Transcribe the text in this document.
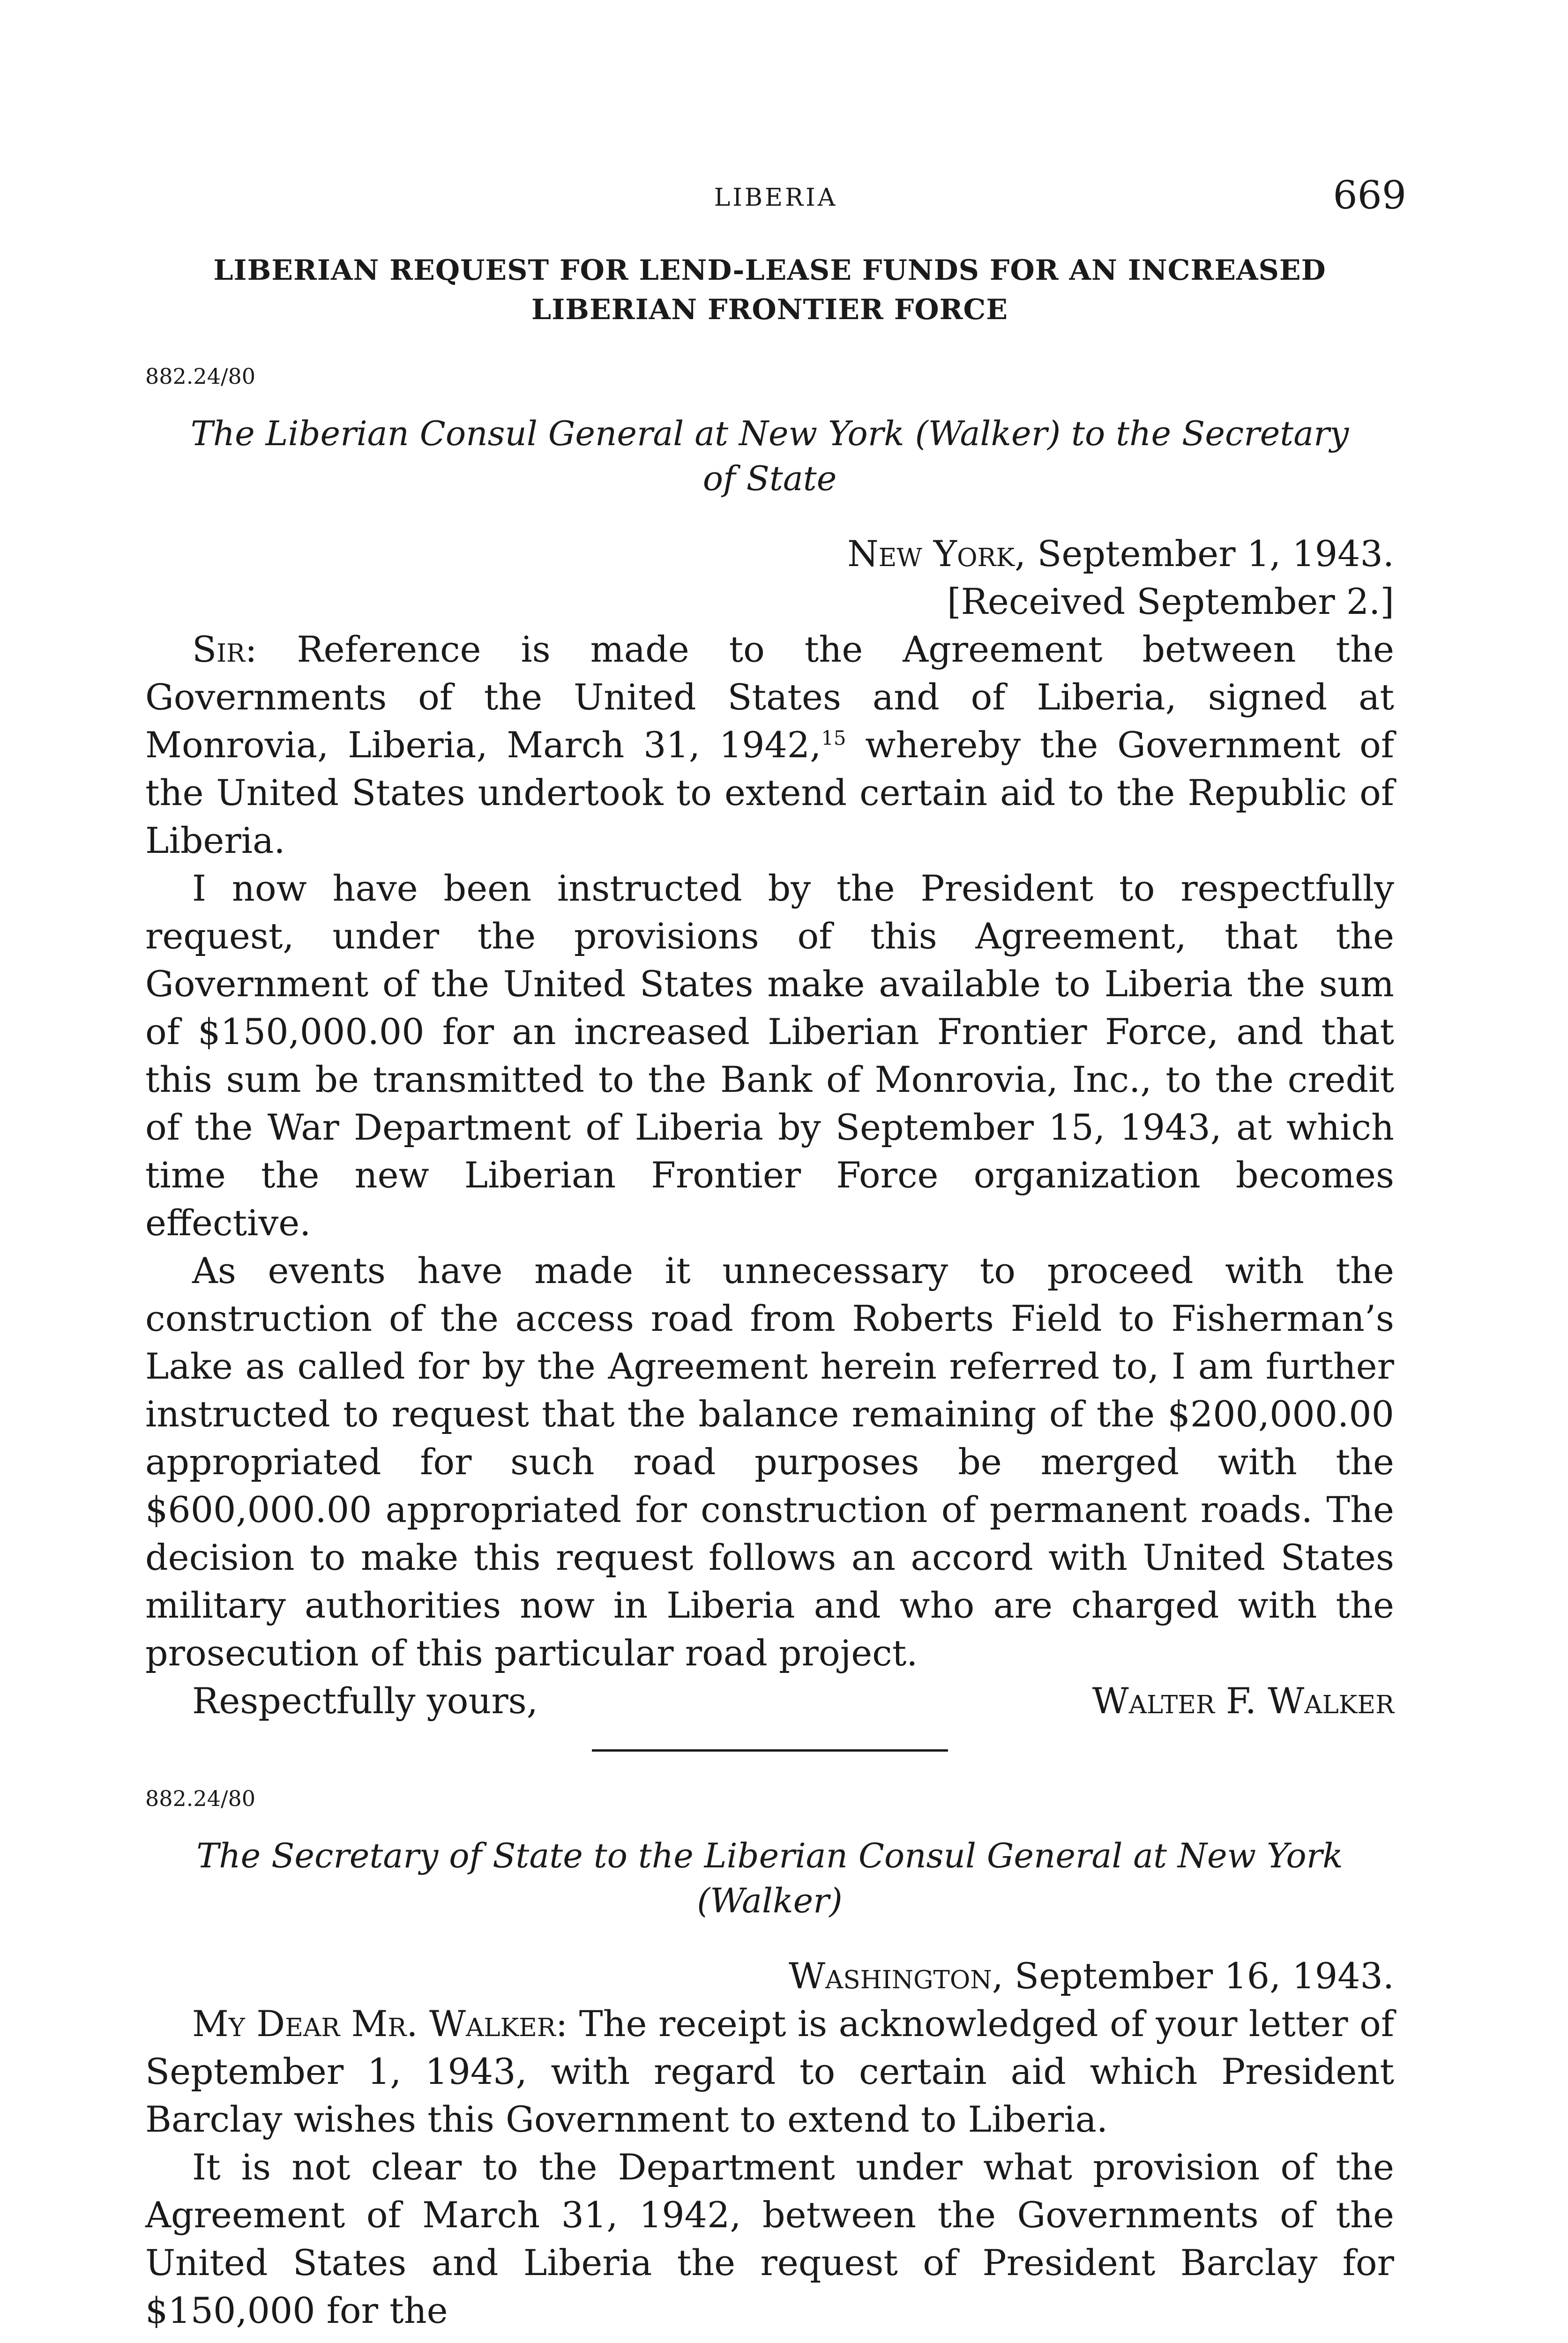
LIBERIA	669
LIBERIAN REQUEST FOR LEND-LEASE FUNDS FOR AN INCREASED
LIBERIAN FRONTIER FORCE
882.24/80
The Liberian Consul General at New York (Walker) to the Secretary
of State
New York, September 1, 1943.
[Received September 2.]

Sir: Reference is made to the Agreement between the Governments of the United States and of Liberia, signed at Monrovia, Liberia, March 31, 1942,15 whereby the Government of the United States undertook to extend certain aid to the Republic of Liberia.

I now have been instructed by the President to respectfully request, under the provisions of this Agreement, that the Government of the United States make available to Liberia the sum of $150,000.00 for an increased Liberian Frontier Force, and that this sum be transmitted to the Bank of Monrovia, Inc., to the credit of the War Department of Liberia by September 15, 1943, at which time the new Liberian Frontier Force organization becomes effective.

As events have made it unnecessary to proceed with the construction of the access road from Roberts Field to Fisherman’s Lake as called for by the Agreement herein referred to, I am further instructed to request that the balance remaining of the $200,000.00 appropriated for such road purposes be merged with the $600,000.00 appropriated for construction of permanent roads. The decision to make this request follows an accord with United States military authorities now in Liberia and who are charged with the prosecution of this particular road project.

Respectfully yours,	Walter F. Walker
882.24/80
The Secretary of State to the Liberian Consul General at New York
(Walker)
Washington, September 16, 1943.

My Dear Mr. Walker: The receipt is acknowledged of your letter of September 1, 1943, with regard to certain aid which President Barclay wishes this Government to extend to Liberia.

It is not clear to the Department under what provision of the Agreement of March 31, 1942, between the Governments of the United States and Liberia the request of President Barclay for $150,000 for the
